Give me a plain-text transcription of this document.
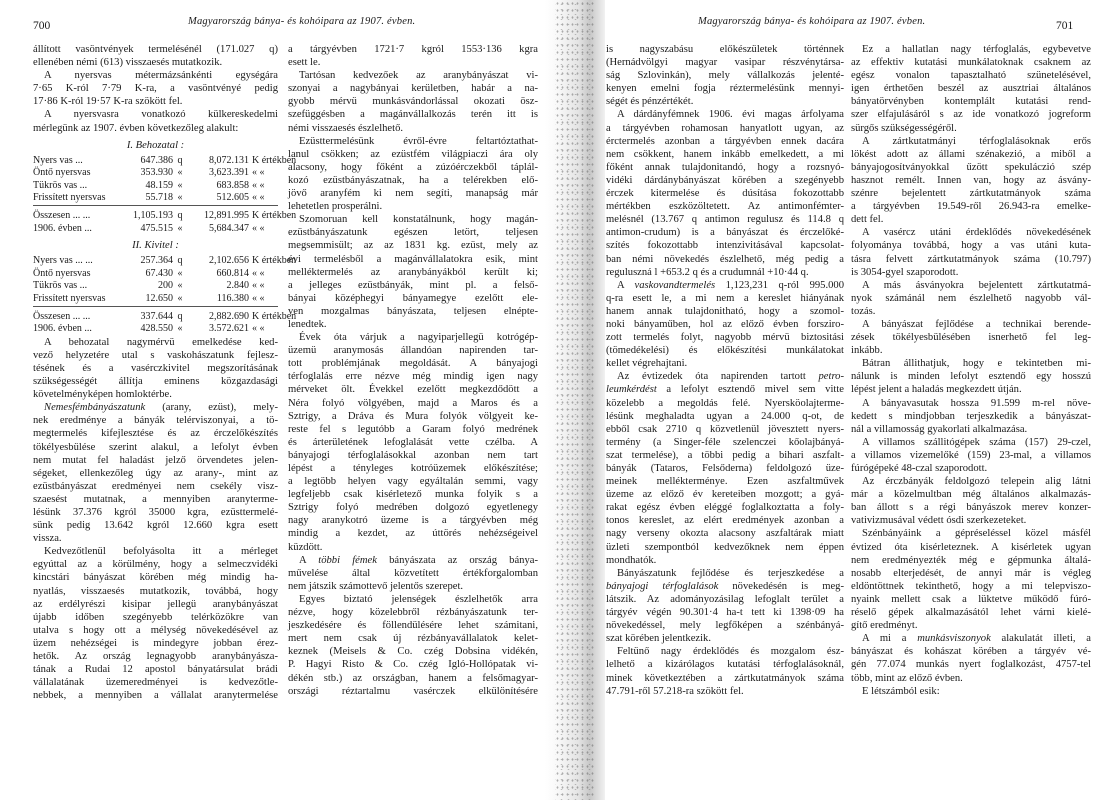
700	Magyarország bánya- és kohóipara az 1907. évben.	Magyarország bánya- és kohóipara az 1907. évben.	701
állított vasöntvények termelésénél (171.027 q)
ellenében némi (613) visszaesés mutatkozik.
A nyersvas métermázsánkénti egységára
7·65 K-ról 7·79 K-ra, a vasöntvényé pedig
17·86 K-ról 19·57 K-ra szökött fel.
A nyersvasra vonatkozó külkereskedelmi
mérlegünk az 1907. évben következőleg alakult:
I. Behozatal :
Nyers vas ...	647.386 q	8,072.131 K értékben
Öntő nyersvas	353.930 «	3,623.391 « «
Tükrös vas ...	48.159 «	683.858 « «
Frissített nyersvas	55.718 «	512.605 « «
Összesen ... ...	1,105.193 q	12,891.995 K értékben
1906. évben ...	475.515 «	5,684.347 « «
II. Kivitel :
Nyers vas ... ...	257.364 q	2,102.656 K értékben
Öntő nyersvas	67.430 «	660.814 « «
Tükrös vas ...	200 «	2.840 « «
Frissített nyersvas	12.650 «	116.380 « «
Összesen ... ...	337.644 q	2,882.690 K értékben
1906. évben ...	428.550 «	3.572.621 « «
A behozatal nagymérvü emelkedése ked-
vező helyzetére utal s vaskohászatunk fejlesz-
tésének és a vasérczkivitel megszorításának
szükségességét állítja eminens közgazdasági
követelményképen homloktérbe.
Nemesfémbányászatunk (arany, ezüst), mely-
nek eredménye a bányák telérviszonyai, a tö-
megtermelés kifejlesztése és az érczelőkészítés
tökélyesbülése szerint alakul, a lefolyt évben
nem mutat fel haladást jelző örvendetes jelen-
ségeket, ellenkezőleg úgy az arany-, mint az
ezüstbányászat eredményei nem csekély visz-
szaesést mutatnak, a mennyiben aranyterme-
lésünk 37.376 kgról 35000 kgra, ezüsttermelé-
sünk pedig 13.642 kgról 12.660 kgra esett
vissza.
Kedvezőtlenül befolyásolta itt a mérleget
egyúttal az a körülmény, hogy a selmeczvidéki
kincstári bányászat körében még mindig ha-
nyatlás, visszaesés mutatkozik, továbbá, hogy
az erdélyrészi kisipar jellegü aranybányászat
újabb időben szegényebb telérközökre van
utalva s hogy ott a mélység növekedésével az
üzem nehézségei is mindegyre jobban érez-
hetők. Az ország legnagyobb aranybányásza-
tának a Rudai 12 apostol bányatársulat brádi
vállalatának üzemeredményei is kedvezőtle-
nebbek, a mennyiben a vállalat aranytermelése
a tárgyévben 1721·7 kgról 1553·136 kgra
esett le.
Tartósan kedvezőek az aranybányászat vi-
szonyai a nagybányai kerületben, habár a na-
gyobb mérvü munkásvándorlással okozati ösz-
szefüggésben a magánvállalkozás terén itt is
némi visszaesés észlelhető.
Ezüsttermelésünk évről-évre feltartóztathat-
lanul csökken; az ezüstfém világpiaczi ára oly
alacsony, hogy főként a zúzóérczekből táplál-
kozó ezüstbányászatnak, ha a telérekben elő-
jövő aranyfém ki nem segíti, manapság már
lehetetlen prosperálni.
Szomoruan kell konstatálnunk, hogy magán-
ezüstbányászatunk egészen letört, teljesen
megsemmisült; az az 1831 kg. ezüst, mely az
évi termelésből a magánvállalatokra esik, mint
melléktermelés az aranybányákból került ki;
a jelleges ezüstbányák, mint pl. a felső-
bányai középhegyi bányamegye ezelőtt ele-
ven mozgalmas bányászata, teljesen elnépte-
lenedtek.
Évek óta várjuk a nagyiparjellegü kotrógép-
üzemü aranymosás állandóan napirenden tar-
tott problémjának megoldását. A bányajogi
térfoglalás erre nézve még mindig igen nagy
mérveket ölt. Évekkel ezelőtt megkezdődött a
Néra folyó völgyében, majd a Maros és a
Sztrigy, a Dráva és Mura folyók völgyeit ke-
reste fel s legutóbb a Garam folyó medrének
és árterületének lefoglalását vette czélba. A
bányajogi térfoglalásokkal azonban nem tart
lépést a tényleges kotróüzemek előkészítése;
a legtöbb helyen vagy egyáltalán semmi, vagy
legfeljebb csak kisérletező munka folyik s a
Sztrigy folyó medrében dolgozó egyetlenegy
nagy aranykotró üzeme is a tárgyévben még
mindig a kezdet, az úttörés nehézségeivel
küzdött.
A többi fémek bányászata az ország bánya-
művelése által közvetített értékforgalomban
nem játszik számottevő jelentős szerepet.
Egyes biztató jelenségek észlelhetők arra
nézve, hogy közelebbről rézbányászatunk ter-
jeszkedésére és föllendülésére lehet számitani,
mert nem csak új rézbányavállalatok kelet-
keznek (Meisels & Co. czég Dobsina vidékén,
P. Hagyi Risto & Co. czég Igló-Hollópatak vi-
dékén stb.) az országban, hanem a felsőmagyar-
országi réztartalmu vasérczek elkülönítésére
is nagyszabásu előkészületek történnek
(Hernádvölgyi magyar vasipar részvénytársa-
ság Szlovinkán), mely vállalkozás jelenté-
kenyen emelni fogja réztermelésünk mennyi-
ségét és pénzértékét.
A dárdányfémnek 1906. évi magas árfolyama
a tárgyévben rohamosan hanyatlott ugyan, az
érctermelés azonban a tárgyévben ennek dacára
nem csökkent, hanem inkább emelkedett, a mi
főként annak tulajdonitandó, hogy a rozsnyó-
vidéki dárdánybányászat körében a szegényebb
érczek kitermelése és dúsítása fokozottabb
mértékben eszközöltetett. Az antimonfémter-
melésnél (13.767 q antimon regulusz és 114.8 q
antimon-crudum) is a bányászat és érczelőké-
szítés fokozottabb intenzivitásával kapcsolat-
ban némi növekedés észlelhető, még pedig a
reguluszná l +653.2 q és a crudumnál +10·44 q.
A vaskovandtermelés 1,123,231 q-ról 995.000
q-ra esett le, a mi nem a kereslet hiányának
hanem annak tulajdonitható, hogy a szomol-
noki bányaműben, hol az előző évben forsziro-
zott termelés folyt, nagyobb mérvü biztositási
(tömedékelési) és előkészítési munkálatokat
kellet végrehajtani.
Az évtizedek óta napirenden tartott petro-
leumkérdést a lefolyt esztendő mivel sem vitte
közelebb a megoldás felé. Nyersköolajterme-
lésünk meghaladta ugyan a 24.000 q-ot, de
ebből csak 2710 q közvetlenül jövesztett nyers-
termény (a Singer-féle szelenczei kőolajbányá-
szat termelése), a többi pedig a bihari aszfalt-
bányák (Tataros, Felsőderna) feldolgozó üze-
meinek mellékterménye. Ezen aszfaltművek
üzeme az előző év kereteiben mozgott; a gyá-
rakat egész évben eléggé foglalkoztatta a foly-
tonos kereslet, az elért eredmények azonban a
nagy verseny okozta alacsony aszfaltárak miatt
üzleti szempontból kedvezőknek nem éppen
mondhatók.
Bányászatunk fejlődése és terjeszkedése a
bányajogi térfoglalások növekedésén is meg-
látszik. Az adományozásilag lefoglalt terület a
tárgyév végén 90.301·4 ha-t tett ki 1398·09 ha
növekedéssel, mely legfőképen a szénbányá-
szat körében jelentkezik.
Feltünő nagy érdeklődés és mozgalom ész-
lelhető a kizárólagos kutatási térfoglalásoknál,
minek következtében a zártkutatmányok száma
47.791-ről 57.218-ra szökött fel.
Ez a hallatlan nagy térfoglalás, egybevetve
az effektiv kutatási munkálatoknak csaknem az
egész vonalon tapasztalható szünetelésével,
igen érthetően beszél az ausztriai általános
bányatörvényben kontemplált kutatási rend-
szer elfajulásáról s az ide vonatkozó jogreform
sürgős szükségességéről.
A zártkutatmányi térfoglalásoknak erős
lökést adott az állami szénakezió, a miből a
bányajogosítványokkal űzött spekuláczió szép
hasznot remélt. Innen van, hogy az ásvány-
szénre bejelentett zártkutatmányok száma
a tárgyévben 19.549-ről 26.943-ra emelke-
dett fel.
A vasércz utáni érdeklődés növekedésének
folyománya továbbá, hogy a vas utáni kuta-
tásra felvett zártkutatmányok száma (10.797)
is 3054-gyel szaporodott.
A más ásványokra bejelentett zártkutatmá-
nyok számánál nem észlelhető nagyobb vál-
tozás.
A bányászat fejlődése a technikai berende-
zések tökélyesbülésében isnerhető fel leg-
inkább.
Bátran állithatjuk, hogy e tekintetben mi-
nálunk is minden lefolyt esztendő egy hosszú
lépést jelent a haladás megkezdett útján.
A bányavasutak hossza 91.599 m-rel növe-
kedett s mindjobban terjeszkedik a bányászat-
nál a villamosság gyakorlati alkalmazása.
A villamos szállitógépek száma (157) 29-czel,
a villamos vizemelőké (159) 23-mal, a villamos
fúrógépeké 48-czal szaporodott.
Az érczbányák feldolgozó telepein alig látni
már a közelmultban még általános alkalmazás-
ban állott s a régi bányászok merev konzer-
vativizmusával védett ósdi szerkezeteket.
Szénbányáink a gépréseléssel közel másfél
évtized óta kisérleteznek. A kisérletek ugyan
nem eredményezték még e gépmunka általá-
nosabb elterjedését, de annyi már is végleg
eldöntöttnek tekinthető, hogy a mi telepviszo-
nyaink mellett csak a lüktetve működő fúró-
réselő gépek alkalmazásától lehet várni kielé-
gítő eredményt.
A mi a munkásviszonyok alakulatát illeti, a
bányászat és kohászat körében a tárgyév vé-
gén 77.074 munkás nyert foglalkozást, 4757-tel
több, mint az előző évben.
E létszámból esik:
